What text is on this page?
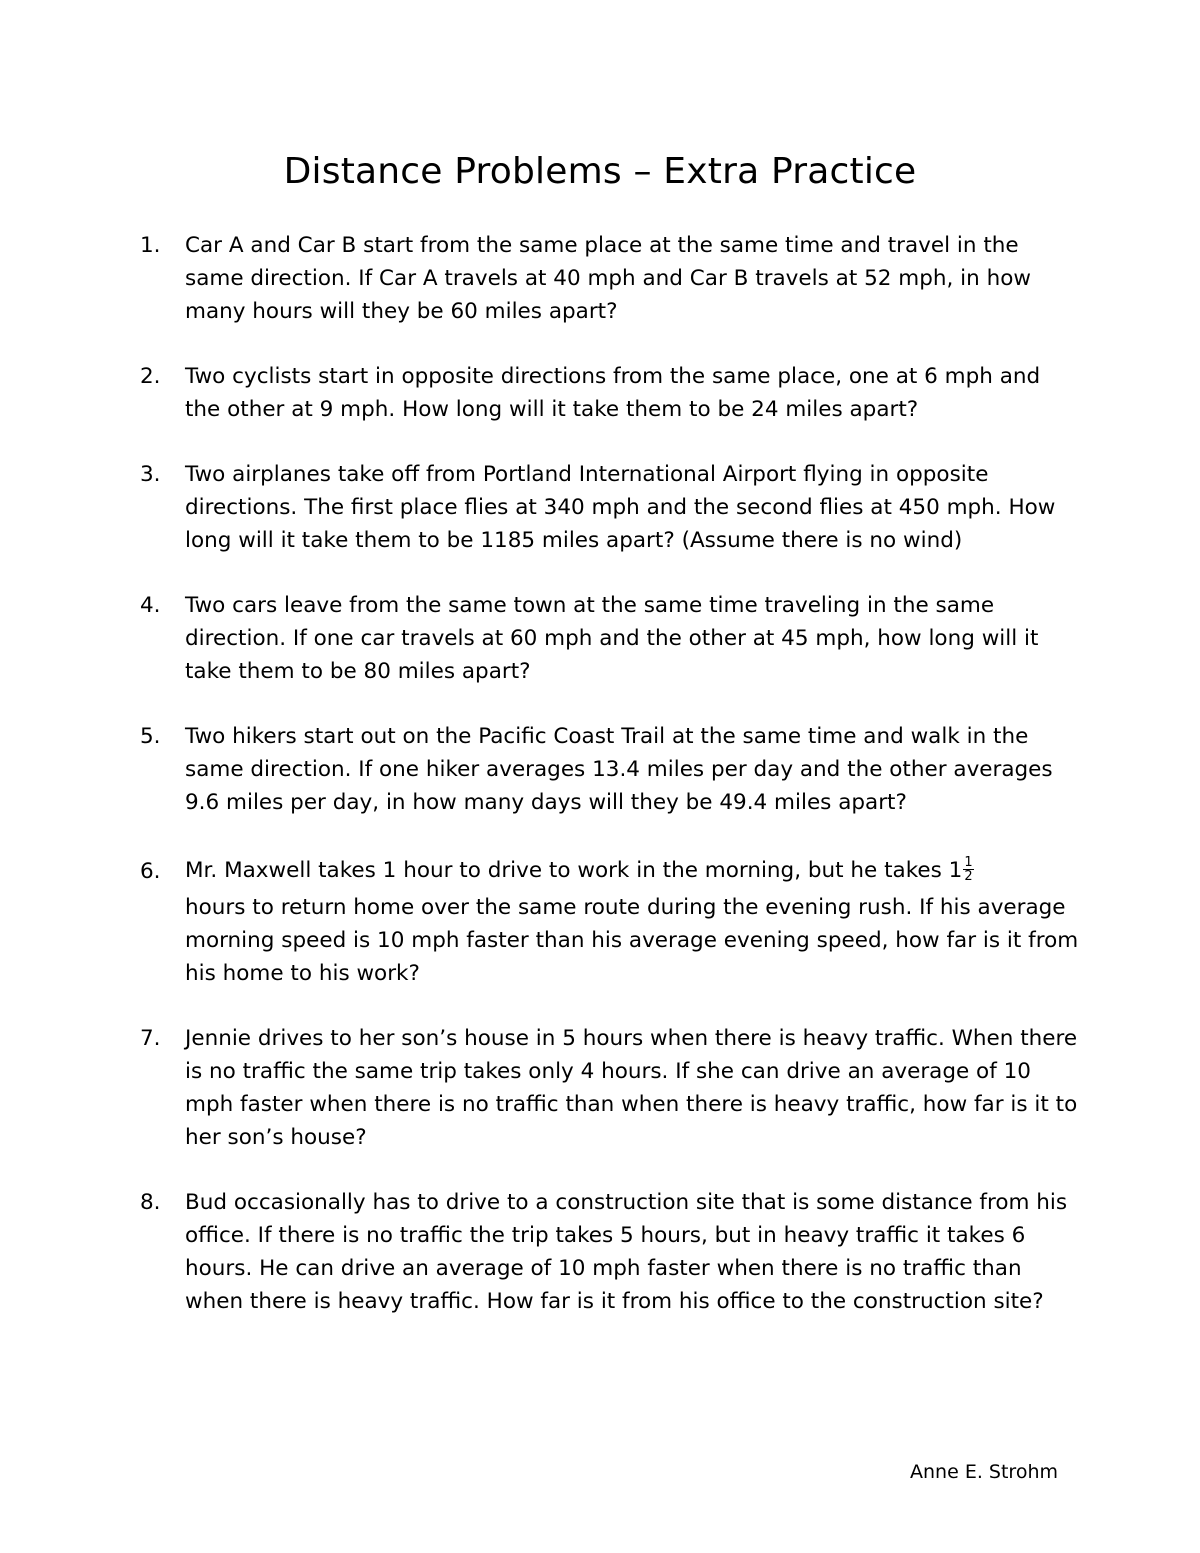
Distance Problems – Extra Practice
1. Car A and Car B start from the same place at the same time and travel in the same direction. If Car A travels at 40 mph and Car B travels at 52 mph, in how many hours will they be 60 miles apart?
2. Two cyclists start in opposite directions from the same place, one at 6 mph and the other at 9 mph. How long will it take them to be 24 miles apart?
3. Two airplanes take off from Portland International Airport flying in opposite directions. The first place flies at 340 mph and the second flies at 450 mph. How long will it take them to be 1185 miles apart? (Assume there is no wind)
4. Two cars leave from the same town at the same time traveling in the same direction. If one car travels at 60 mph and the other at 45 mph, how long will it take them to be 80 miles apart?
5. Two hikers start out on the Pacific Coast Trail at the same time and walk in the same direction. If one hiker averages 13.4 miles per day and the other averages 9.6 miles per day, in how many days will they be 49.4 miles apart?
6. Mr. Maxwell takes 1 hour to drive to work in the morning, but he takes $1 \frac{1}{2}$
hours to return home over the same route during the evening rush. If his average morning speed is 10 mph faster than his average evening speed, how far is it from his home to his work?
7. Jennie drives to her son’s house in 5 hours when there is heavy traffic. When there is no traffic the same trip takes only 4 hours. If she can drive an average of 10 mph faster when there is no traffic than when there is heavy traffic, how far is it to her son’s house?
8. Bud occasionally has to drive to a construction site that is some distance from his office. If there is no traffic the trip takes 5 hours, but in heavy traffic it takes 6 hours. He can drive an average of 10 mph faster when there is no traffic than when there is heavy traffic. How far is it from his office to the construction site?
Anne E. Strohm
